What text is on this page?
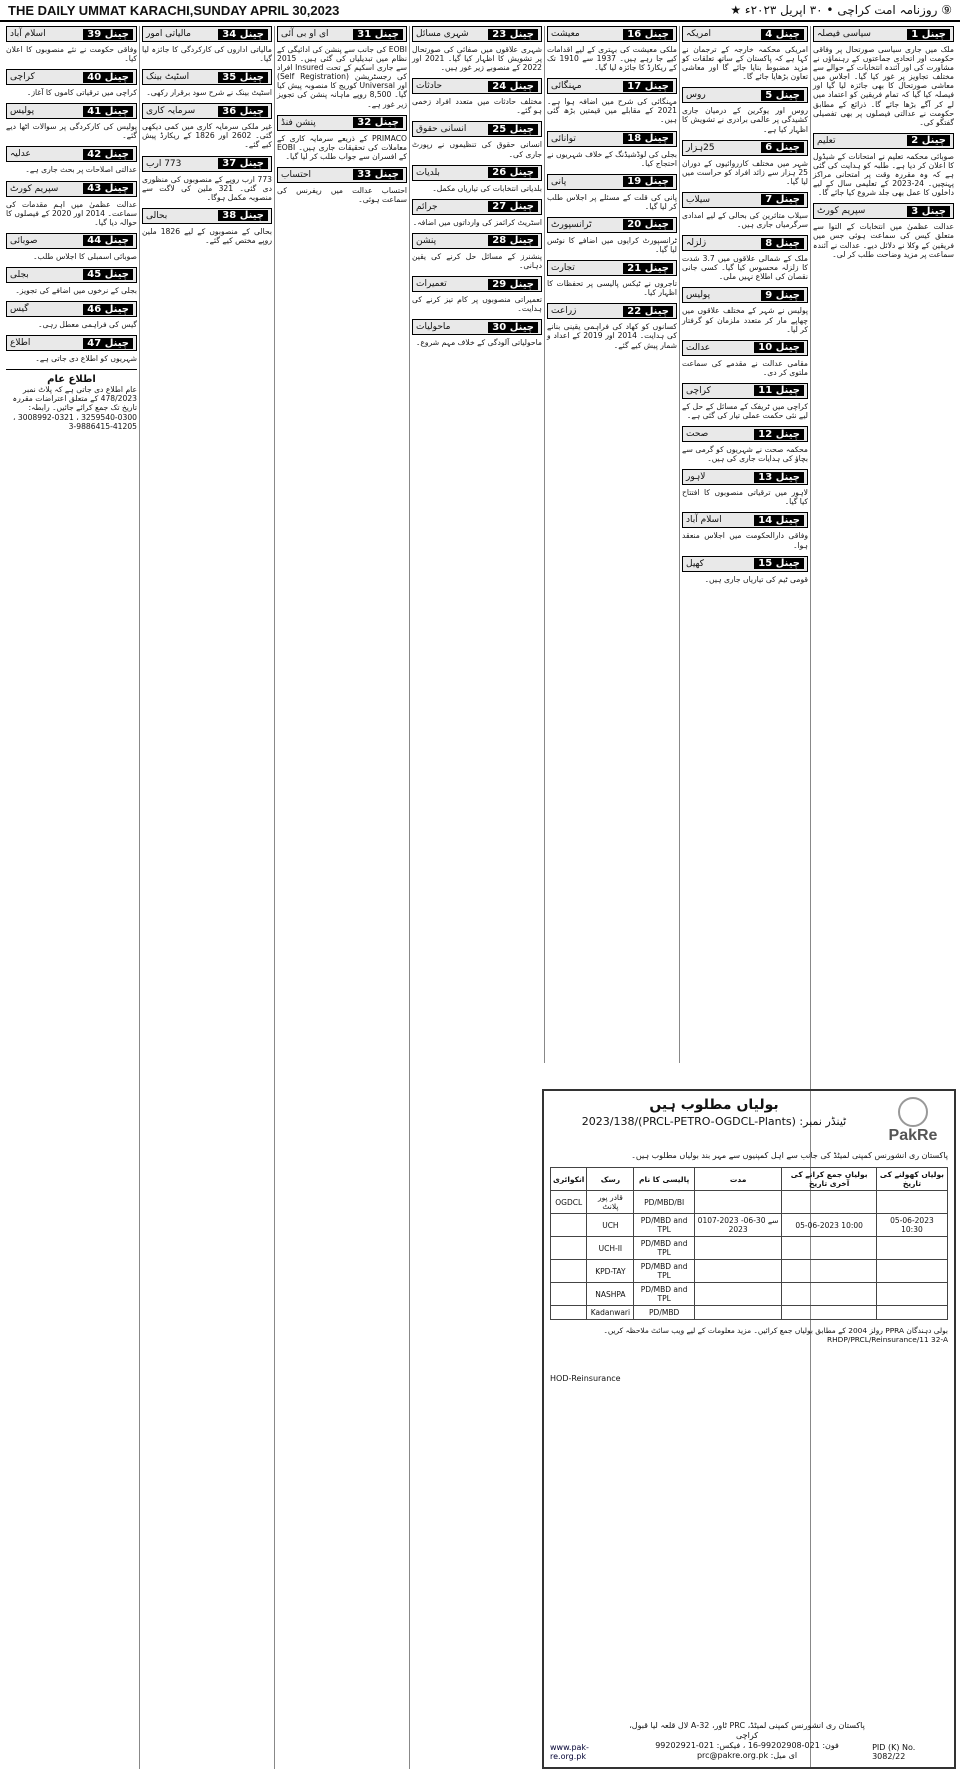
THE DAILY UMMAT KARACHI,SUNDAY APRIL 30,2023	⑨ روزنامہ امت کراچی • ۳۰ اپریل ۲۰۲۳ء ★
سیاسی فیصلہ	چینل 1
ملک میں جاری سیاسی صورتحال پر وفاقی حکومت اور اتحادی جماعتوں کے رہنماؤں نے مشاورت کی اور آئندہ انتخابات کے حوالے سے مختلف تجاویز پر غور کیا گیا۔ اجلاس میں معاشی صورتحال کا بھی جائزہ لیا گیا اور فیصلہ کیا گیا کہ تمام فریقین کو اعتماد میں لے کر آگے بڑھا جائے گا۔ ذرائع کے مطابق حکومت نے عدالتی فیصلوں پر بھی تفصیلی گفتگو کی۔
تعلیم	چینل 2
صوبائی محکمہ تعلیم نے امتحانات کے شیڈول کا اعلان کر دیا ہے۔ طلبہ کو ہدایت کی گئی ہے کہ وہ مقررہ وقت پر امتحانی مراکز پہنچیں۔ 24-2023 کے تعلیمی سال کے لیے داخلوں کا عمل بھی جلد شروع کیا جائے گا۔
سپریم کورٹ	چینل 3
عدالت عظمیٰ میں انتخابات کے التوا سے متعلق کیس کی سماعت ہوئی جس میں فریقین کے وکلا نے دلائل دیے۔ عدالت نے آئندہ سماعت پر مزید وضاحت طلب کر لی۔
امریکہ	چینل 4
امریکی محکمہ خارجہ کے ترجمان نے کہا ہے کہ پاکستان کے ساتھ تعلقات کو مزید مضبوط بنایا جائے گا اور معاشی تعاون بڑھایا جائے گا۔
روس	چینل 5
روس اور یوکرین کے درمیان جاری کشیدگی پر عالمی برادری نے تشویش کا اظہار کیا ہے۔
25ہزار	چینل 6
شہر میں مختلف کارروائیوں کے دوران 25 ہزار سے زائد افراد کو حراست میں لیا گیا۔
سیلاب	چینل 7
سیلاب متاثرین کی بحالی کے لیے امدادی سرگرمیاں جاری ہیں۔
زلزلہ	چینل 8
ملک کے شمالی علاقوں میں 3.7 شدت کا زلزلہ محسوس کیا گیا۔ کسی جانی نقصان کی اطلاع نہیں ملی۔
پولیس	چینل 9
پولیس نے شہر کے مختلف علاقوں میں چھاپے مار کر متعدد ملزمان کو گرفتار کر لیا۔
عدالت	چینل 10
مقامی عدالت نے مقدمے کی سماعت ملتوی کر دی۔
کراچی	چینل 11
کراچی میں ٹریفک کے مسائل کے حل کے لیے نئی حکمت عملی تیار کی گئی ہے۔
صحت	چینل 12
محکمہ صحت نے شہریوں کو گرمی سے بچاؤ کی ہدایات جاری کی ہیں۔
لاہور	چینل 13
لاہور میں ترقیاتی منصوبوں کا افتتاح کیا گیا۔
اسلام آباد	چینل 14
وفاقی دارالحکومت میں اجلاس منعقد ہوا۔
کھیل	چینل 15
قومی ٹیم کی تیاریاں جاری ہیں۔
معیشت	چینل 16
ملکی معیشت کی بہتری کے لیے اقدامات کیے جا رہے ہیں۔ 1937 سے 1910 تک کے ریکارڈ کا جائزہ لیا گیا۔
مہنگائی	چینل 17
مہنگائی کی شرح میں اضافہ ہوا ہے۔ 2021 کے مقابلے میں قیمتیں بڑھ گئی ہیں۔
توانائی	چینل 18
بجلی کی لوڈشیڈنگ کے خلاف شہریوں نے احتجاج کیا۔
پانی	چینل 19
پانی کی قلت کے مسئلے پر اجلاس طلب کر لیا گیا۔
ٹرانسپورٹ	چینل 20
ٹرانسپورٹ کرایوں میں اضافے کا نوٹس لیا گیا۔
تجارت	چینل 21
تاجروں نے ٹیکس پالیسی پر تحفظات کا اظہار کیا۔
زراعت	چینل 22
کسانوں کو کھاد کی فراہمی یقینی بنانے کی ہدایت۔ 2014 اور 2019 کے اعداد و شمار پیش کیے گئے۔
شہری مسائل	چینل 23
شہری علاقوں میں صفائی کی صورتحال پر تشویش کا اظہار کیا گیا۔ 2021 اور 2022 کے منصوبے زیر غور ہیں۔
حادثات	چینل 24
مختلف حادثات میں متعدد افراد زخمی ہو گئے۔
انسانی حقوق	چینل 25
انسانی حقوق کی تنظیموں نے رپورٹ جاری کی۔
بلدیات	چینل 26
بلدیاتی انتخابات کی تیاریاں مکمل۔
جرائم	چینل 27
اسٹریٹ کرائمز کی وارداتوں میں اضافہ۔
پنشن	چینل 28
پنشنرز کے مسائل حل کرنے کی یقین دہانی۔
تعمیرات	چینل 29
تعمیراتی منصوبوں پر کام تیز کرنے کی ہدایت۔
ماحولیات	چینل 30
ماحولیاتی آلودگی کے خلاف مہم شروع۔
ای او بی آئی	چینل 31
EOBI کی جانب سے پنشن کی ادائیگی کے نظام میں تبدیلیاں کی گئی ہیں۔ 2015 سے جاری اسکیم کے تحت Insured افراد کی رجسٹریشن (Self Registration) اور Universal کوریج کا منصوبہ پیش کیا گیا۔ 8,500 روپے ماہانہ پنشن کی تجویز زیر غور ہے۔
پنشن فنڈ	چینل 32
PRIMACO کے ذریعے سرمایہ کاری کے معاملات کی تحقیقات جاری ہیں۔ EOBI کے افسران سے جواب طلب کر لیا گیا۔
احتساب	چینل 33
احتساب عدالت میں ریفرنس کی سماعت ہوئی۔
مالیاتی امور	چینل 34
مالیاتی اداروں کی کارکردگی کا جائزہ لیا گیا۔
اسٹیٹ بینک	چینل 35
اسٹیٹ بینک نے شرح سود برقرار رکھی۔
سرمایہ کاری	چینل 36
غیر ملکی سرمایہ کاری میں کمی دیکھی گئی۔ 2602 اور 1826 کے ریکارڈ پیش کیے گئے۔
773 ارب	چینل 37
773 ارب روپے کے منصوبوں کی منظوری دی گئی۔ 321 ملین کی لاگت سے منصوبہ مکمل ہوگا۔
بحالی	چینل 38
بحالی کے منصوبوں کے لیے 1826 ملین روپے مختص کیے گئے۔
اسلام آباد	چینل 39
وفاقی حکومت نے نئے منصوبوں کا اعلان کیا۔
کراچی	چینل 40
کراچی میں ترقیاتی کاموں کا آغاز۔
پولیس	چینل 41
پولیس کی کارکردگی پر سوالات اٹھا دیے گئے۔
عدلیہ	چینل 42
عدالتی اصلاحات پر بحث جاری ہے۔
سپریم کورٹ	چینل 43
عدالت عظمیٰ میں اہم مقدمات کی سماعت۔ 2014 اور 2020 کے فیصلوں کا حوالہ دیا گیا۔
صوبائی	چینل 44
صوبائی اسمبلی کا اجلاس طلب۔
بجلی	چینل 45
بجلی کے نرخوں میں اضافے کی تجویز۔
گیس	چینل 46
گیس کی فراہمی معطل رہی۔
اطلاع	چینل 47
شہریوں کو اطلاع دی جاتی ہے۔
اطلاع عام
عام اطلاع دی جاتی ہے کہ پلاٹ نمبر 478/2023 کے متعلق اعتراضات مقررہ تاریخ تک جمع کرائے جائیں۔ رابطہ: 0300-3259540 ، 0321-3008992 ، 41205-9886415-3
بولیاں مطلوب ہیں
ٹینڈر نمبر: (PRCL-PETRO-OGDCL-Plants)/2023/138
PakRe
پاکستان ری انشورنس کمپنی لمیٹڈ کی جانب سے اہل کمپنیوں سے مہر بند بولیاں مطلوب ہیں۔
انکوائری	رسک	پالیسی کا نام	مدت	بولیاں جمع کرانے کی آخری تاریخ	بولیاں کھولنے کی تاریخ
OGDCL	قادر پور پلانٹ	PD/MBD/BI			
	UCH	PD/MBD and TPL	0107-2023 سے 30-06-2023	05-06-2023 10:00	05-06-2023 10:30
	UCH-II	PD/MBD and TPL			
	KPD-TAY	PD/MBD and TPL			
	NASHPA	PD/MBD and TPL			
	Kadanwari	PD/MBD			
بولی دہندگان PPRA رولز 2004 کے مطابق بولیاں جمع کرائیں۔ مزید معلومات کے لیے ویب سائٹ ملاحظہ کریں۔ RHDP/PRCL/Reinsurance/11 32-A
HOD-Reinsurance
www.pak-re.org.pk
پاکستان ری انشورنس کمپنی لمیٹڈ، PRC ٹاور، 32-A لال قلعہ لیا قبول، کراچی
فون: 021-99202908-16 ، فیکس: 021-99202921
ای میل: prc@pakre.org.pk
PID (K) No. 3082/22
